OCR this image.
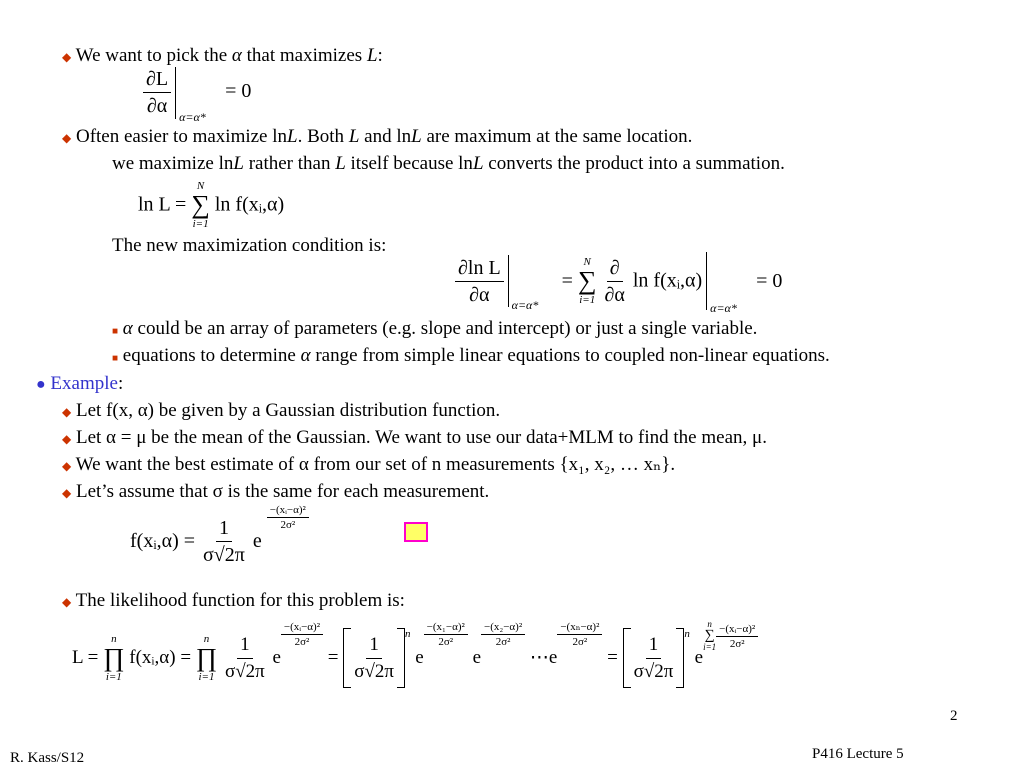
◆ We want to pick the α that maximizes L:
$\frac{\partial L}{\partial\alpha} \alpha=\alpha*$
= 0
◆ Often easier to maximize lnL. Both L and lnL are maximum at the same location.
we maximize lnL rather than L itself because lnL converts the product into a summation.
ln L =
N
∑
i=1
ln f(xᵢ,α)
The new maximization condition is:
$\frac{\text{∂ln L}}{\partial\alpha} \alpha=\alpha*$
=
N
∑
i=1
$\frac{\partial}{\partial\alpha}$ ln f(xᵢ,α)
α=α*
= 0
■ α could be an array of parameters (e.g. slope and intercept) or just a single variable.
■ equations to determine α range from simple linear equations to coupled non-linear equations.
● Example:
◆ Let f(x, α) be given by a Gaussian distribution function.
◆ Let α = μ be the mean of the Gaussian. We want to use our data+MLM to find the mean, μ.
◆ We want the best estimate of α from our set of n measurements {x₁, x₂, … xₙ}.
◆ Let’s assume that σ is the same for each measurement.
f(xᵢ,α) = $\frac{1}{\sigma√2\pi}$ e
$\frac{\text{−(xᵢ−α)²}}{\text{2σ²}}$
◆ The likelihood function for this problem is:
L =
n
∏
i=1
f(xᵢ,α) =
n
∏
i=1
$\frac{1}{\sigma√2\pi}$ e
$\frac{\text{−(xᵢ−α)²}}{\text{2σ²}}$
= $\frac{1}{\sigma√2\pi} ^n$ e
$\frac{\text{−(x₁−α)²}}{\text{2σ²}}$
e
$\frac{\text{−(x₂−α)²}}{\text{2σ²}}$
⋯e
$\frac{\text{−(xₙ−α)²}}{\text{2σ²}}$
= $\frac{1}{\sigma√2\pi} ^n$ e
n
∑
$i=1 \frac{\text{−(xᵢ−α)²}}{\text{2σ²}}$
2
R. Kass/S12	P416 Lecture 5
